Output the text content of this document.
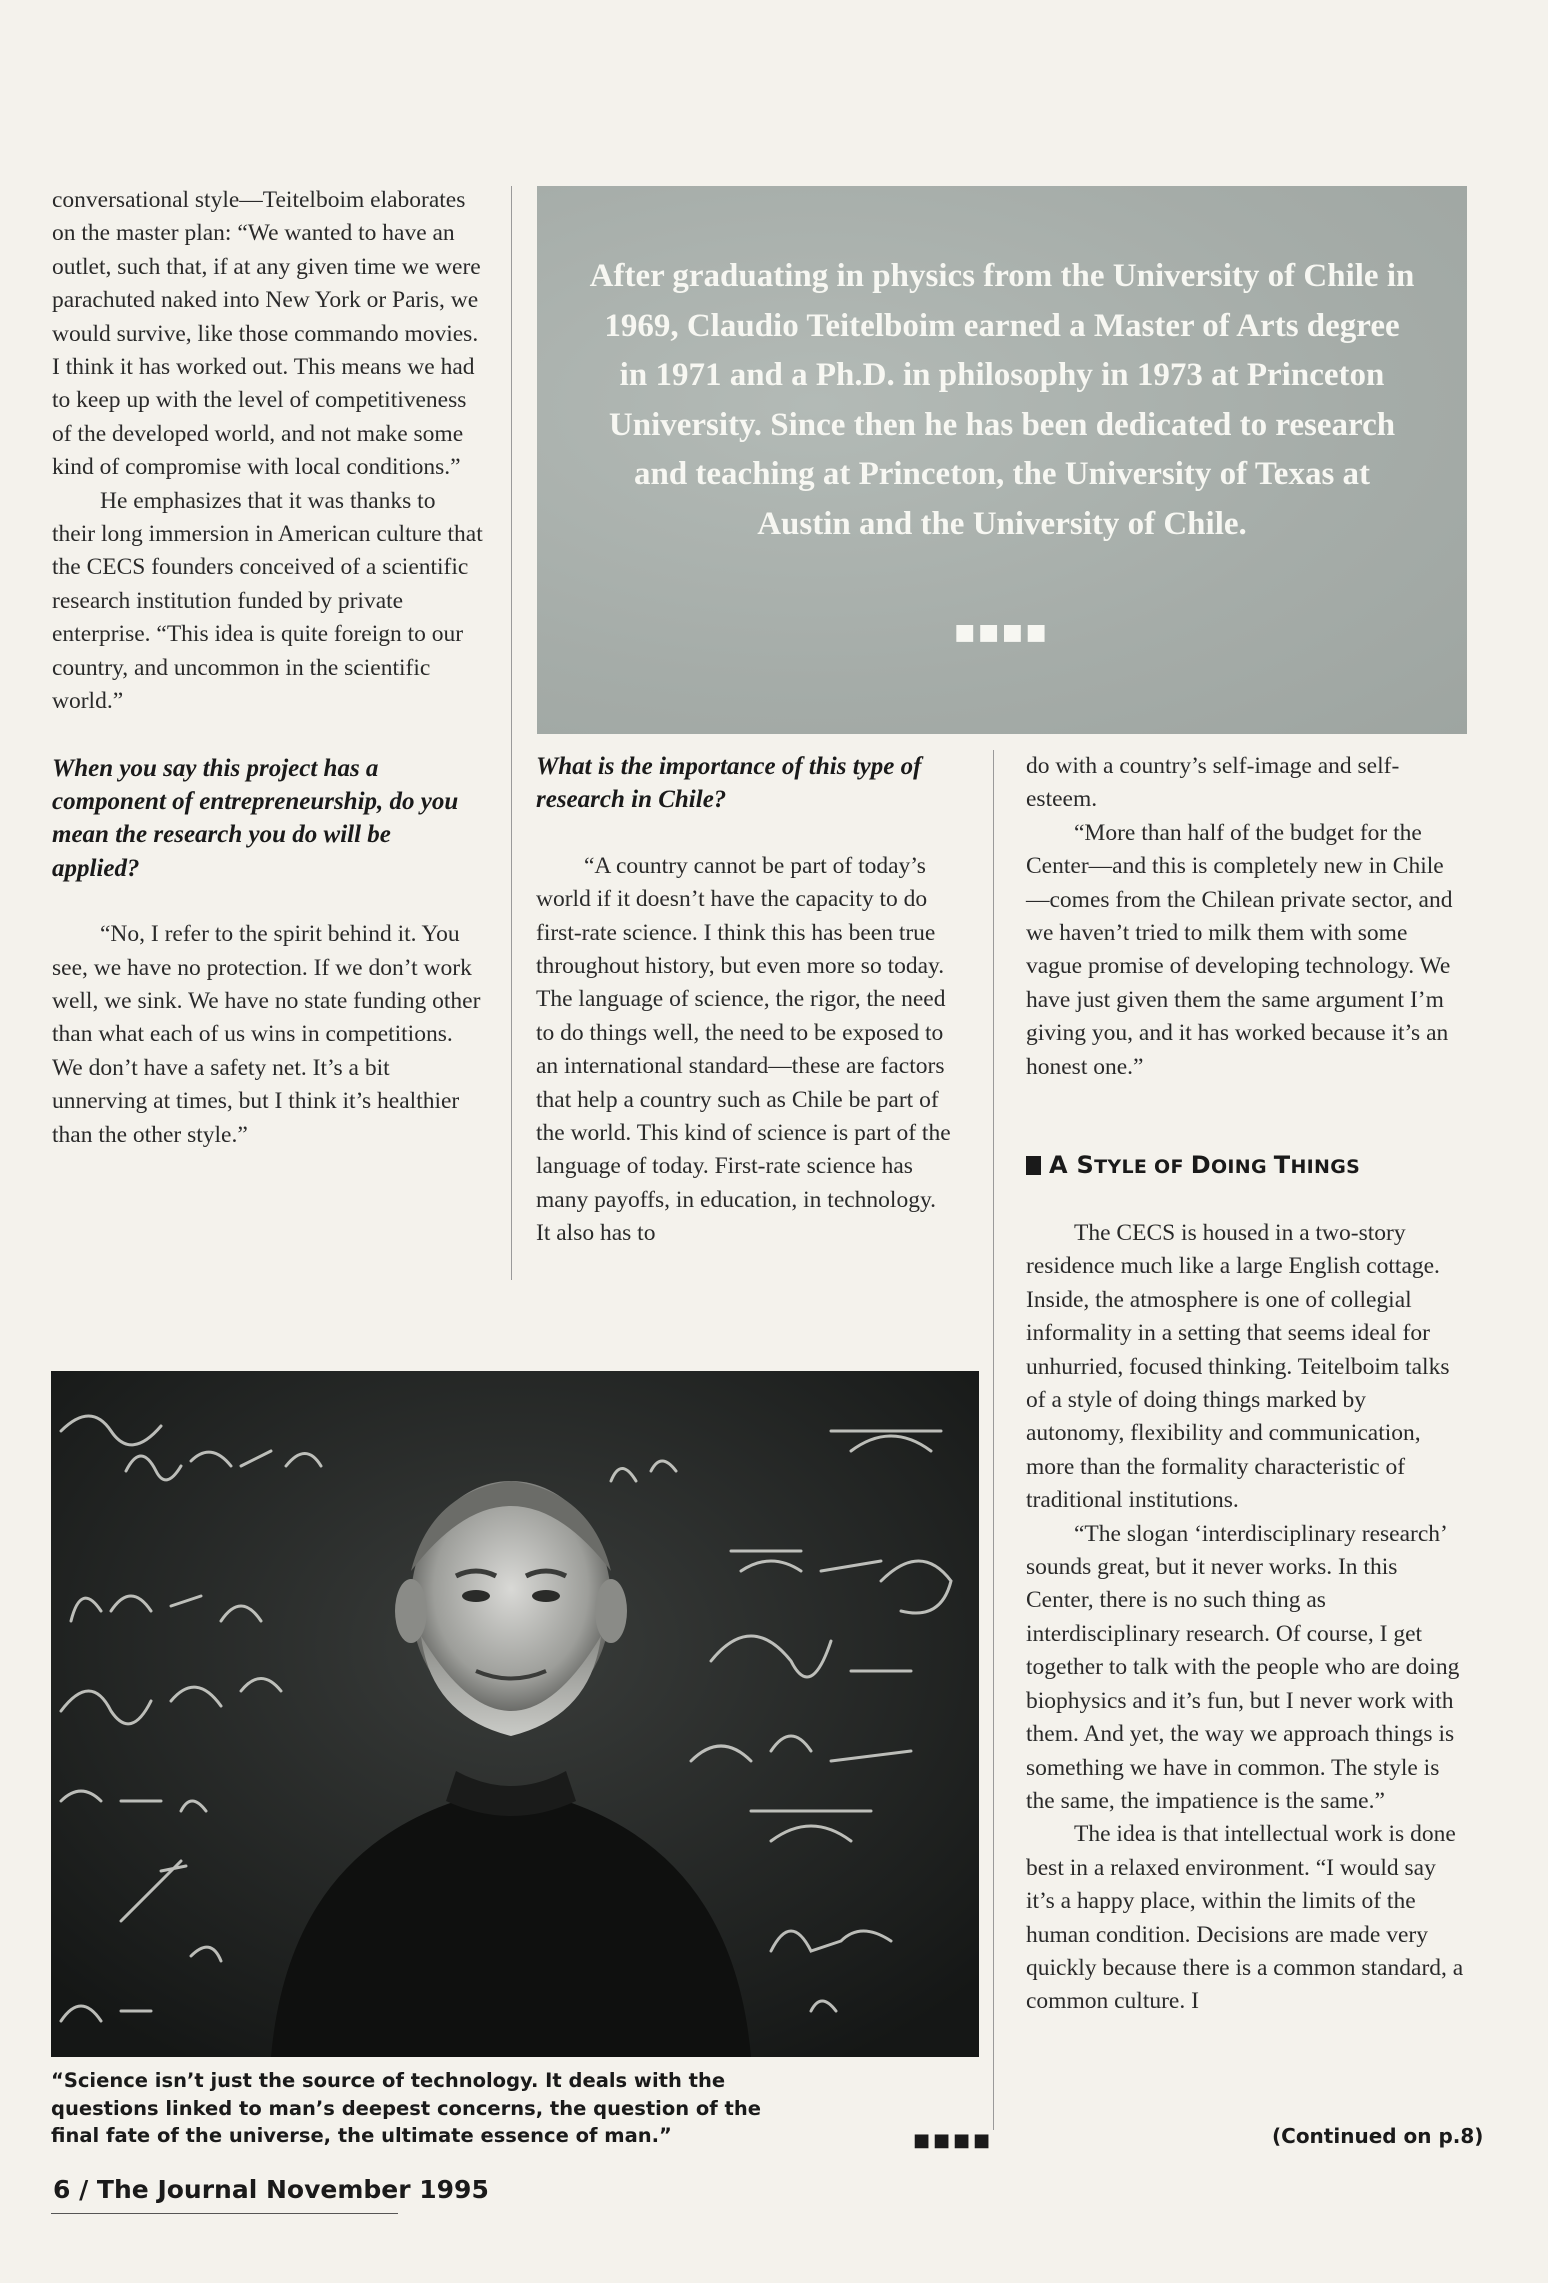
conversational style—Teitelboim elaborates on the master plan: “We wanted to have an outlet, such that, if at any given time we were parachuted naked into New York or Paris, we would survive, like those commando movies. I think it has worked out. This means we had to keep up with the level of competitiveness of the developed world, and not make some kind of compromise with local conditions.”

He emphasizes that it was thanks to their long immersion in American culture that the CECS founders conceived of a scientific research institution funded by private enterprise. “This idea is quite foreign to our country, and uncommon in the scientific world.”

When you say this project has a component of entrepreneurship, do you mean the research you do will be applied?

“No, I refer to the spirit behind it. You see, we have no protection. If we don’t work well, we sink. We have no state funding other than what each of us wins in competitions. We don’t have a safety net. It’s a bit unnerving at times, but I think it’s healthier than the other style.”

After graduating in physics from the University of Chile in 1969, Claudio Teitelboim earned a Master of Arts degree in 1971 and a Ph.D. in philosophy in 1973 at Princeton University. Since then he has been dedicated to research and teaching at Princeton, the University of Texas at Austin and the University of Chile.
■■■■

What is the importance of this type of research in Chile?

“A country cannot be part of today’s world if it doesn’t have the capacity to do first-rate science. I think this has been true throughout history, but even more so today. The language of science, the rigor, the need to do things well, the need to be exposed to an international standard—these are factors that help a country such as Chile be part of the world. This kind of science is part of the language of today. First-rate science has many payoffs, in education, in technology. It also has to

do with a country’s self-image and self-esteem.

“More than half of the budget for the Center—and this is completely new in Chile—comes from the Chilean private sector, and we haven’t tried to milk them with some vague promise of developing technology. We have just given them the same argument I’m giving you, and it has worked because it’s an honest one.”

A STYLE OF DOING THINGS

The CECS is housed in a two-story residence much like a large English cottage. Inside, the atmosphere is one of collegial informality in a setting that seems ideal for unhurried, focused thinking. Teitelboim talks of a style of doing things marked by autonomy, flexibility and communication, more than the formality characteristic of traditional institutions.

“The slogan ‘interdisciplinary research’ sounds great, but it never works. In this Center, there is no such thing as interdisciplinary research. Of course, I get together to talk with the people who are doing biophysics and it’s fun, but I never work with them. And yet, the way we approach things is something we have in common. The style is the same, the impatience is the same.”

The idea is that intellectual work is done best in a relaxed environment. “I would say it’s a happy place, within the limits of the human condition. Decisions are made very quickly because there is a common standard, a common culture. I

(Continued on p.8)
“Science isn’t just the source of technology. It deals with the questions linked to man’s deepest concerns, the question of the final fate of the universe, the ultimate essence of man.”	■■■■
6 / The Journal November 1995
